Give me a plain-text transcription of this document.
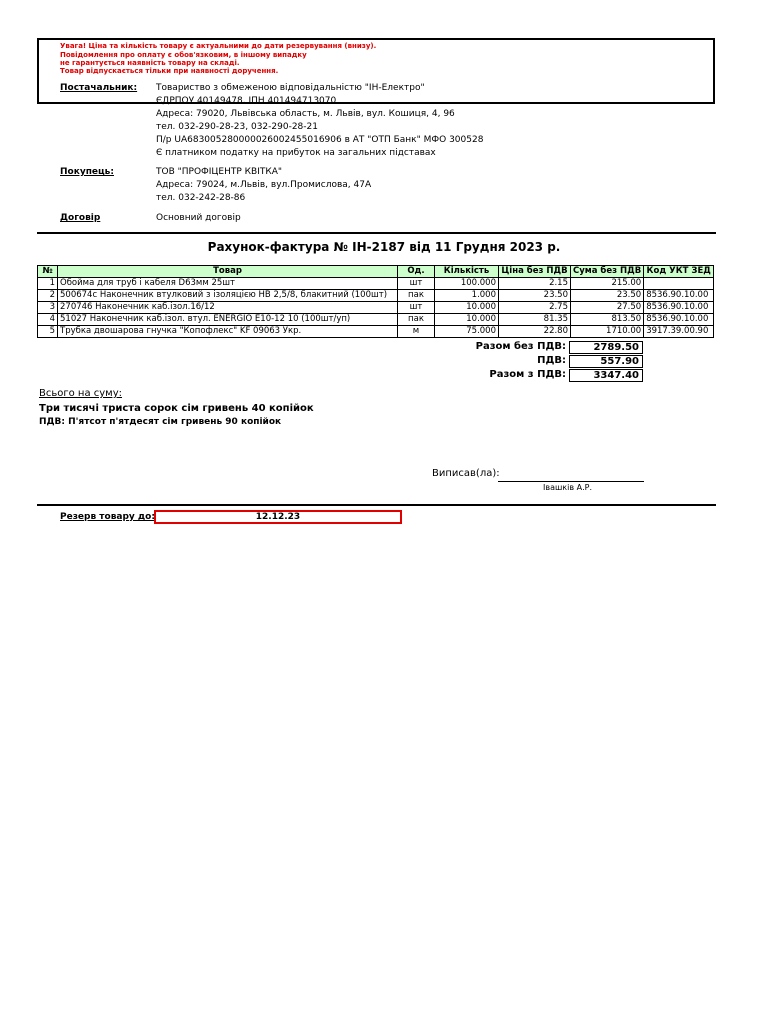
Увага! Ціна та кількість товару є актуальними до дати резервування (внизу).
Повідомлення про оплату є обов'язковим, в іншому випадку
не гарантується наявність товару на складі.
Товар відпускається тільки при наявності доручення.
Постачальник: Товариство з обмеженою відповідальністю "ІН-Електро"
ЄДРПОУ 40149478, ІПН 401494713070
Адреса: 79020, Львівська область, м. Львів, вул. Кошиця, 4, 96
тел. 032-290-28-23, 032-290-28-21
П/р UA683005280000026002455016906 в АТ "ОТП Банк" МФО 300528
Є платником податку на прибуток на загальних підставах
Покупець:	ТОВ "ПРОФІЦЕНТР КВІТКА"
Адреса: 79024, м.Львів, вул.Промислова, 47А
тел. 032-242-28-86
Договір	Основний договір
Рахунок-фактура № ІН-2187 від 11 Грудня 2023 р.
№	Товар	Од.	Кількість	Ціна без ПДВ	Сума без ПДВ	Код УКТ ЗЕД
1	Обойма для труб і кабеля D63мм 25шт	шт	100.000	2.15	215.00	
2	500674с Наконечник втулковий з ізоляцією НВ 2,5/8, блакитний (100шт)	пак	1.000	23.50	23.50	8536.90.10.00
3	270746 Наконечник каб.ізол.16/12	шт	10.000	2.75	27.50	8536.90.10.00
4	51027 Наконечник каб.ізол. втул. ENERGIO E10-12 10 (100шт/уп)	пак	10.000	81.35	813.50	8536.90.10.00
5	Трубка двошарова гнучка "Копофлекс" KF 09063 Укр.	м	75.000	22.80	1710.00	3917.39.00.90
Разом без ПДВ:	2789.50
ПДВ:	557.90
Разом з ПДВ:	3347.40
Всього на суму:
Три тисячі триста сорок сім гривень 40 копійок
ПДВ: П'ятсот п'ятдесят сім гривень 90 копійок
Виписав(ла):
Івашків А.Р.
Резерв товару до:	12.12.23
